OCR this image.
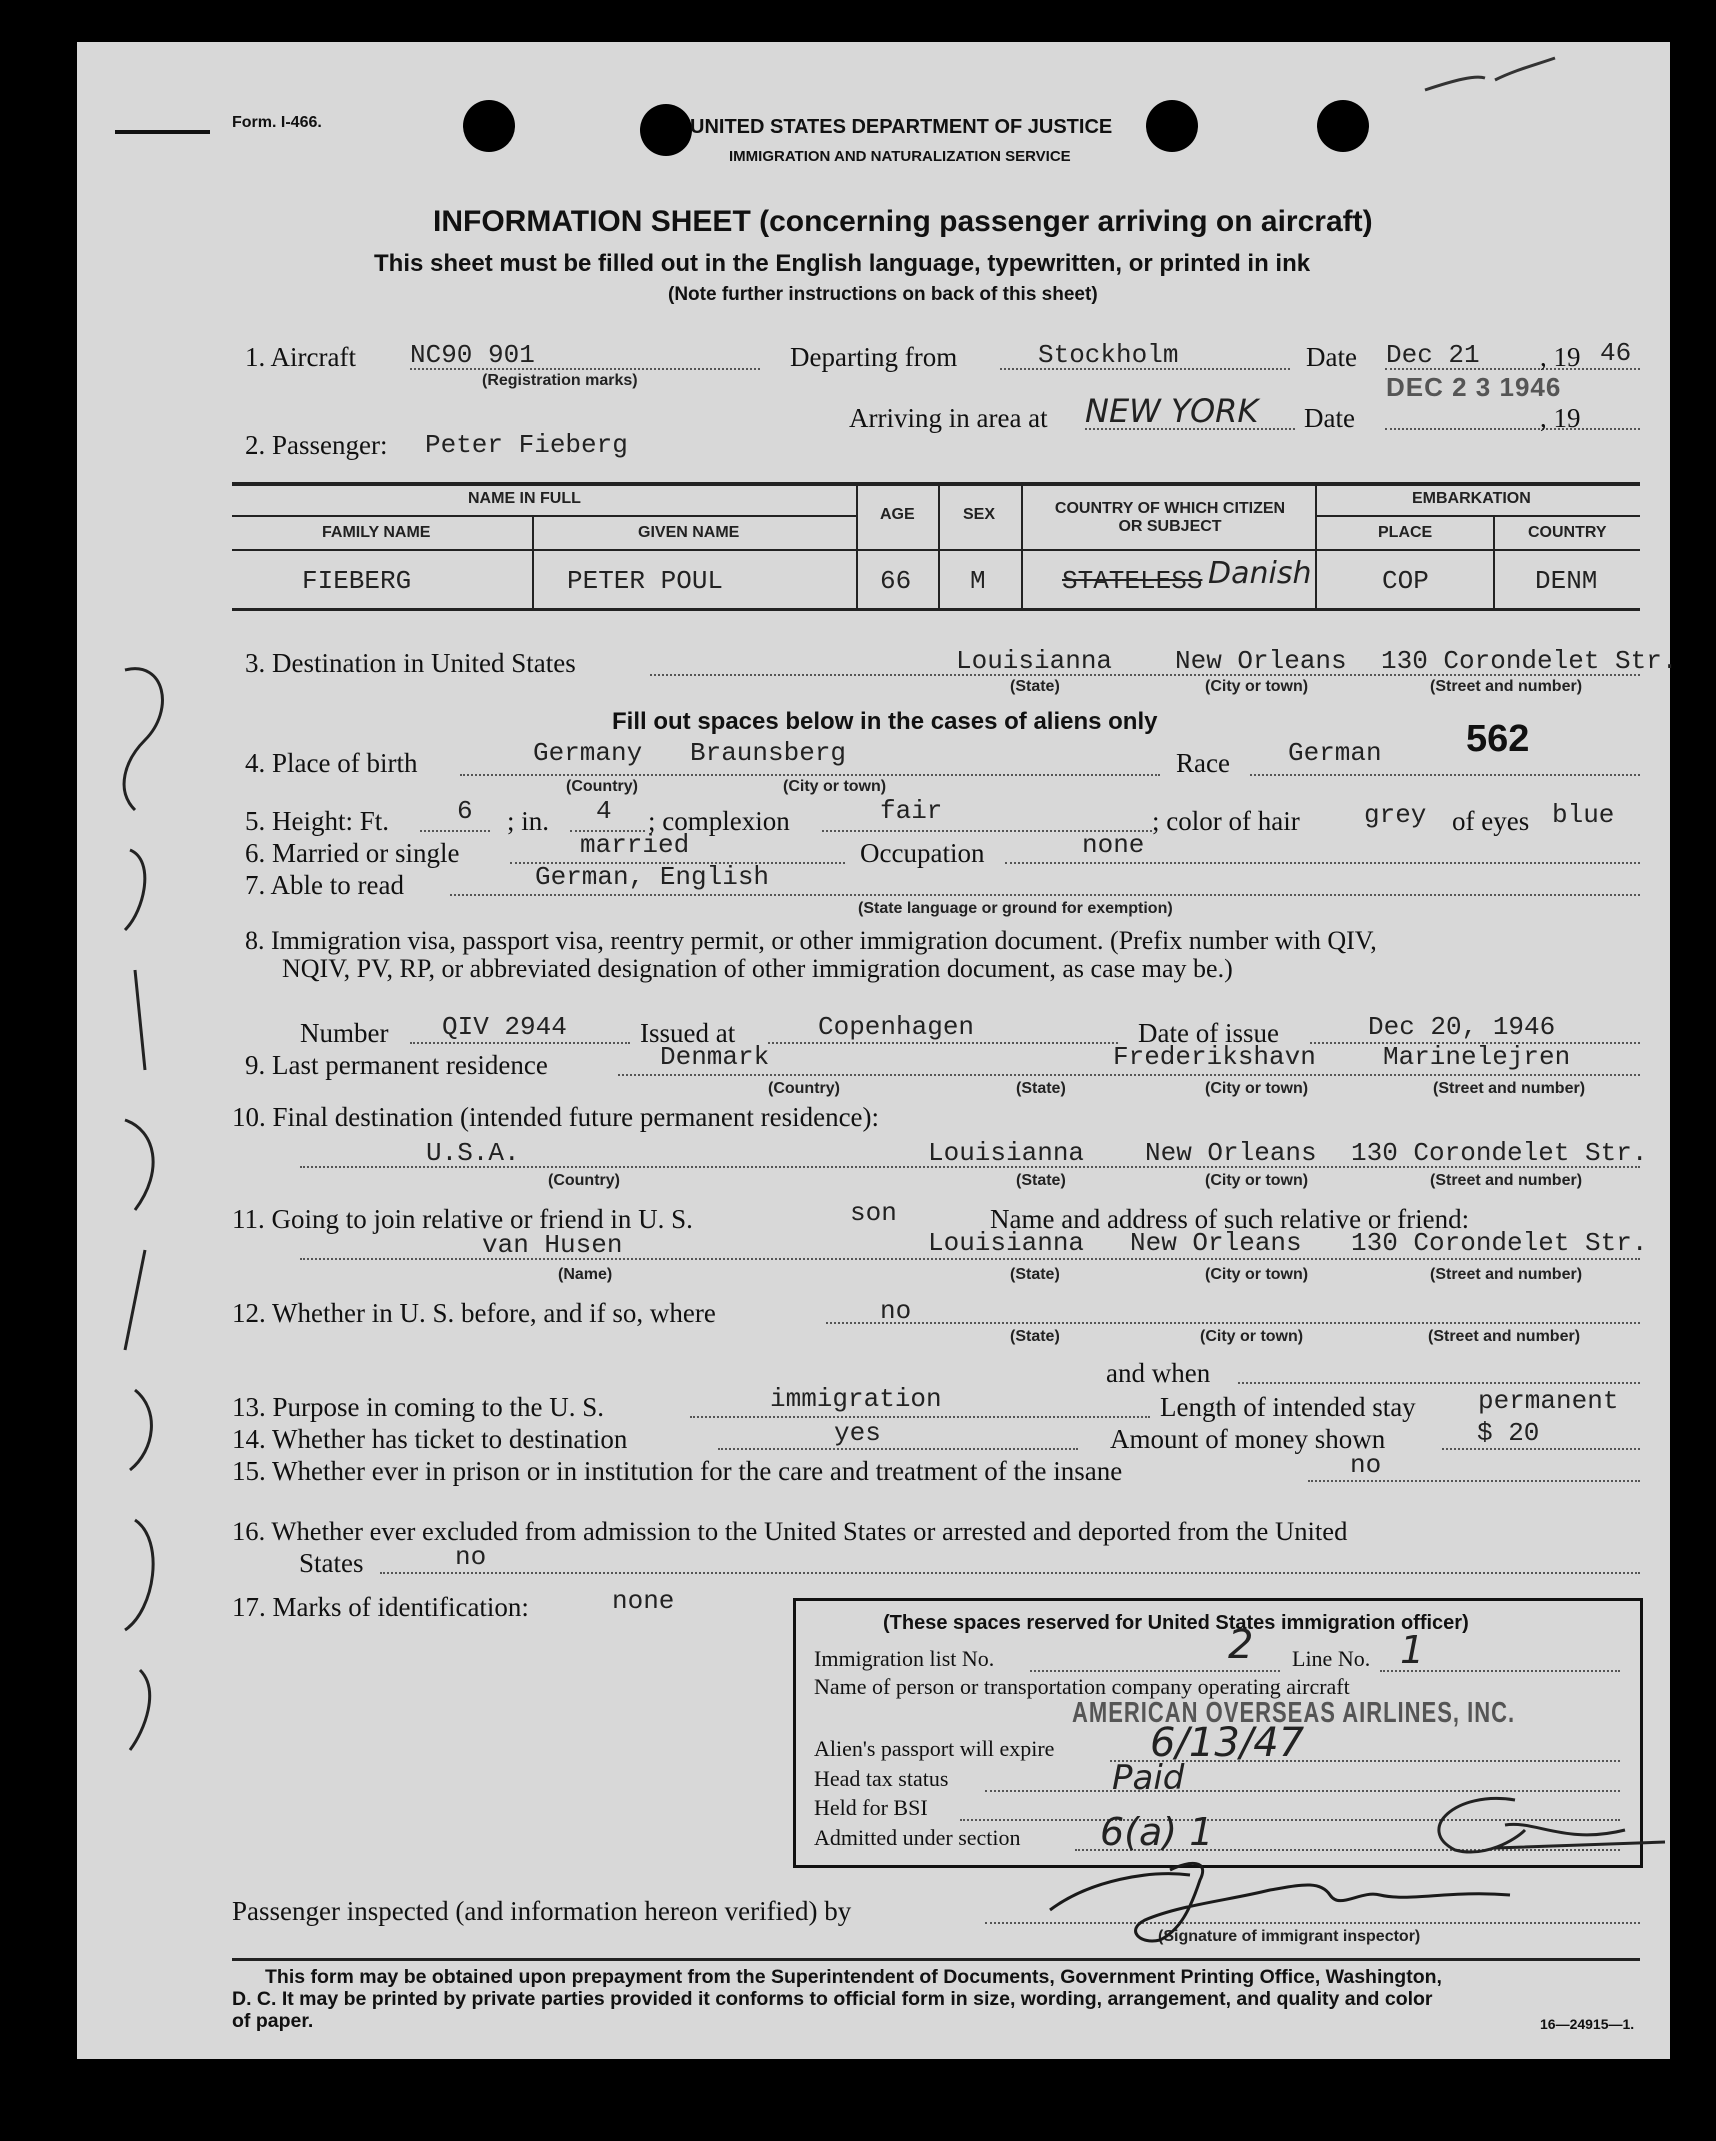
Form. I-466.	UNITED STATES DEPARTMENT OF JUSTICE
IMMIGRATION AND NATURALIZATION SERVICE
INFORMATION SHEET (concerning passenger arriving on aircraft)
This sheet must be filled out in the English language, typewritten, or printed in ink
(Note further instructions on back of this sheet)
1. Aircraft NC90 901
(Registration marks)
Departing from	Stockholm	Date Dec 21 , 19 46
DEC 2 3 1946
Arriving in area at NEW YORK Date	, 19
2. Passenger: Peter Fieberg
NAME IN FULL
FAMILY NAME	GIVEN NAME
AGE	SEX	COUNTRY OF WHICH CITIZEN OR SUBJECT
EMBARKATION
PLACE	COUNTRY
FIEBERG	PETER POUL	66 M	STATELESS Danish	COP	DENM
3. Destination in United States	Louisianna New Orleans 130 Corondelet Str.
(State)	(City or town)	(Street and number)
Fill out spaces below in the cases of aliens only
4. Place of birth	Germany Braunsberg
(Country)	(City or town)
Race German 562
5. Height: Ft.	6 ; in. 4 ; complexion	fair	; color of hair grey of eyes blue
6. Married or single	married	Occupation	none
7. Able to read	German, English
(State language or ground for exemption)
8. Immigration visa, passport visa, reentry permit, or other immigration document. (Prefix number with QIV,
NQIV, PV, RP, or abbreviated designation of other immigration document, as case may be.)
Number QIV 2944	Issued at	Copenhagen	Date of issue	Dec 20, 1946
9. Last permanent residence	Denmark	Frederikshavn	Marinelejren
(Country)	(State)	(City or town)	(Street and number)
10. Final destination (intended future permanent residence):
U.S.A.	Louisianna New Orleans 130 Corondelet Str.
(Country)	(State)	(City or town)	(Street and number)
11. Going to join relative or friend in U. S.	son	Name and address of such relative or friend:
van Husen	Louisianna New Orleans 130 Corondelet Str.
(Name)	(State)	(City or town)	(Street and number)
12. Whether in U. S. before, and if so, where	no
(State)	(City or town)	(Street and number)
and when
13. Purpose in coming to the U. S.	immigration	Length of intended stay permanent
14. Whether has ticket to destination	yes	Amount of money shown	$ 20
15. Whether ever in prison or in institution for the care and treatment of the insane	no
16. Whether ever excluded from admission to the United States or arrested and deported from the United
States	no
17. Marks of identification:	none
(These spaces reserved for United States immigration officer)
Immigration list No.	2 Line No. 1
Name of person or transportation company operating aircraft
AMERICAN OVERSEAS AIRLINES, INC.
Alien's passport will expire 6/13/47
Head tax status	Paid
Held for BSI
Admitted under section 6(a) 1
Passenger inspected (and information hereon verified) by
(Signature of immigrant inspector)
This form may be obtained upon prepayment from the Superintendent of Documents, Government Printing Office, Washington,
D. C. It may be printed by private parties provided it conforms to official form in size, wording, arrangement, and quality and color
of paper.	16—24915—1.
